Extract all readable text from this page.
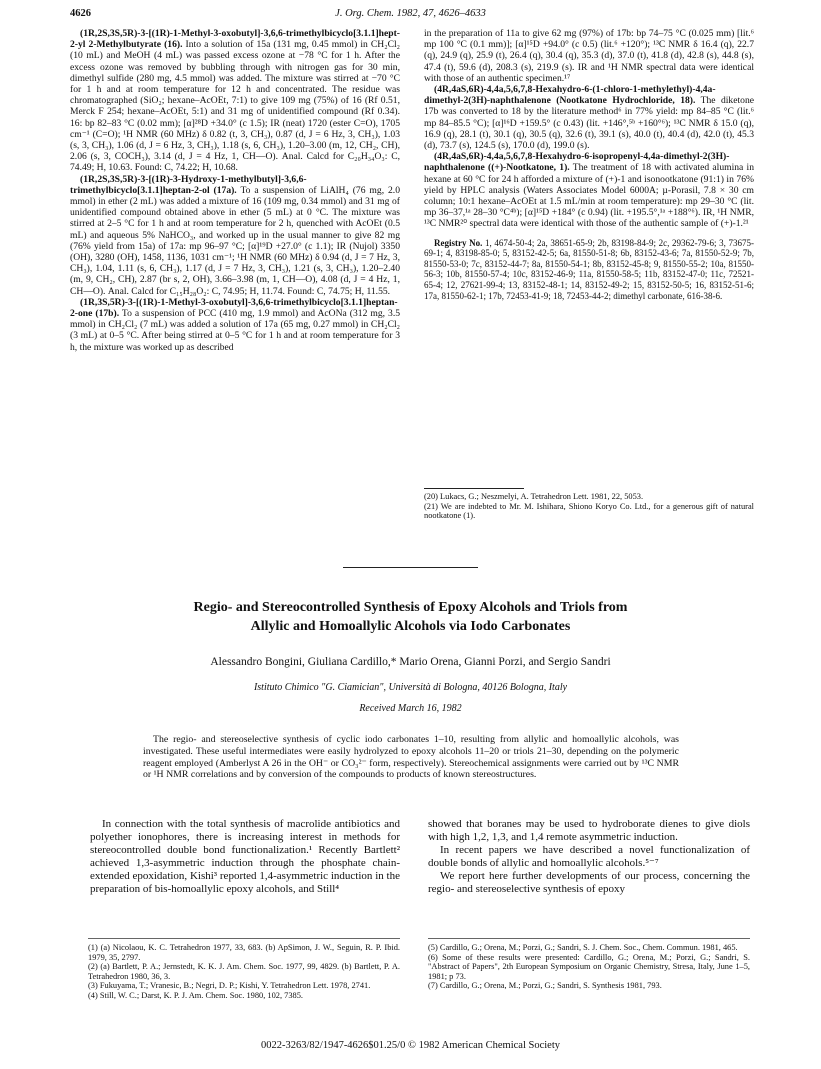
4626	J. Org. Chem. 1982, 47, 4626–4633

(1R,2S,3S,5R)-3-[(1R)-1-Methyl-3-oxobutyl]-3,6,6-trimethylbicyclo[3.1.1]hept-2-yl 2-Methylbutyrate (16). Into a solution of 15a (131 mg, 0.45 mmol) in CH₂Cl₂ (10 mL) and MeOH (4 mL) was passed excess ozone at −78 °C for 1 h. After the excess ozone was removed by bubbling through with nitrogen gas for 30 min, dimethyl sulfide (280 mg, 4.5 mmol) was added. The mixture was stirred at −70 °C for 1 h and at room temperature for 12 h and concentrated. The residue was chromatographed (SiO₂; hexane–AcOEt, 7:1) to give 109 mg (75%) of 16 (Rf 0.51, Merck F 254; hexane–AcOEt, 5:1) and 31 mg of unidentified compound (Rf 0.34). 16: bp 82–83 °C (0.02 mm); [α]²⁸D +34.0° (c 1.5); IR (neat) 1720 (ester C=O), 1705 cm⁻¹ (C=O); ¹H NMR (60 MHz) δ 0.82 (t, 3, CH₃), 0.87 (d, J = 6 Hz, 3, CH₃), 1.03 (s, 3, CH₃), 1.06 (d, J = 6 Hz, 3, CH₃), 1.18 (s, 6, CH₃), 1.20–3.00 (m, 12, CH₂, CH), 2.06 (s, 3, COCH₃), 3.14 (d, J = 4 Hz, 1, CH—O). Anal. Calcd for C₂₀H₃₄O₃: C, 74.49; H, 10.63. Found: C, 74.22; H, 10.68.

(1R,2S,3S,5R)-3-[(1R)-3-Hydroxy-1-methylbutyl]-3,6,6-trimethylbicyclo[3.1.1]heptan-2-ol (17a). To a suspension of LiAlH₄ (76 mg, 2.0 mmol) in ether (2 mL) was added a mixture of 16 (109 mg, 0.34 mmol) and 31 mg of unidentified compound obtained above in ether (5 mL) at 0 °C. The mixture was stirred at 2–5 °C for 1 h and at room temperature for 2 h, quenched with AcOEt (0.5 mL) and aqueous 5% NaHCO₃, and worked up in the usual manner to give 82 mg (76% yield from 15a) of 17a: mp 96–97 °C; [α]¹⁹D +27.0° (c 1.1); IR (Nujol) 3350 (OH), 3280 (OH), 1458, 1136, 1031 cm⁻¹; ¹H NMR (60 MHz) δ 0.94 (d, J = 7 Hz, 3, CH₃), 1.04, 1.11 (s, 6, CH₃), 1.17 (d, J = 7 Hz, 3, CH₃), 1.21 (s, 3, CH₃), 1.20–2.40 (m, 9, CH₂, CH), 2.87 (br s, 2, OH), 3.66–3.98 (m, 1, CH—O), 4.08 (d, J = 4 Hz, 1, CH—O). Anal. Calcd for C₁₅H₂₈O₂: C, 74.95; H, 11.74. Found: C, 74.75; H, 11.55.

(1R,3S,5R)-3-[(1R)-1-Methyl-3-oxobutyl]-3,6,6-trimethylbicyclo[3.1.1]heptan-2-one (17b). To a suspension of PCC (410 mg, 1.9 mmol) and AcONa (312 mg, 3.5 mmol) in CH₂Cl₂ (7 mL) was added a solution of 17a (65 mg, 0.27 mmol) in CH₂Cl₂ (3 mL) at 0–5 °C. After being stirred at 0–5 °C for 1 h and at room temperature for 3 h, the mixture was worked up as described

in the preparation of 11a to give 62 mg (97%) of 17b: bp 74–75 °C (0.025 mm) [lit.⁶ mp 100 °C (0.1 mm)]; [α]¹⁵D +94.0° (c 0.5) (lit.⁶ +120°); ¹³C NMR δ 16.4 (q), 22.7 (q), 24.9 (q), 25.9 (t), 26.4 (q), 30.4 (q), 35.3 (d), 37.0 (t), 41.8 (d), 42.8 (s), 44.8 (s), 47.4 (t), 59.6 (d), 208.3 (s), 219.9 (s). IR and ¹H NMR spectral data were identical with those of an authentic specimen.¹⁷

(4R,4aS,6R)-4,4a,5,6,7,8-Hexahydro-6-(1-chloro-1-methylethyl)-4,4a-dimethyl-2(3H)-naphthalenone (Nootkatone Hydrochloride, 18). The diketone 17b was converted to 18 by the literature method⁶ in 77% yield: mp 84–85 °C (lit.⁶ mp 84–85.5 °C); [α]¹⁶D +159.5° (c 0.43) (lit. +146°,⁵ᵇ +160°⁶); ¹³C NMR δ 15.0 (q), 16.9 (q), 28.1 (t), 30.1 (q), 30.5 (q), 32.6 (t), 39.1 (s), 40.0 (t), 40.4 (d), 42.0 (t), 45.3 (d), 73.7 (s), 124.5 (s), 170.0 (d), 199.0 (s).

(4R,4aS,6R)-4,4a,5,6,7,8-Hexahydro-6-isopropenyl-4,4a-dimethyl-2(3H)-naphthalenone ((+)-Nootkatone, 1). The treatment of 18 with activated alumina in hexane at 60 °C for 24 h afforded a mixture of (+)-1 and isonootkatone (91:1) in 76% yield by HPLC analysis (Waters Associates Model 6000A; µ-Porasil, 7.8 × 30 cm column; 10:1 hexane–AcOEt at 1.5 mL/min at room temperature): mp 29–30 °C (lit. mp 36–37,¹ᵃ 28–30 °C⁴ᵇ); [α]¹⁵D +184° (c 0.94) (lit. +195.5°,¹ᵃ +188°⁶). IR, ¹H NMR, ¹³C NMR²⁰ spectral data were identical with those of the authentic sample of (+)-1.²¹

Registry No. 1, 4674-50-4; 2a, 38651-65-9; 2b, 83198-84-9; 2c, 29362-79-6; 3, 73675-69-1; 4, 83198-85-0; 5, 83152-42-5; 6a, 81550-51-8; 6b, 83152-43-6; 7a, 81550-52-9; 7b, 81550-53-0; 7c, 83152-44-7; 8a, 81550-54-1; 8b, 83152-45-8; 9, 81550-55-2; 10a, 81550-56-3; 10b, 81550-57-4; 10c, 83152-46-9; 11a, 81550-58-5; 11b, 83152-47-0; 11c, 72521-65-4; 12, 27621-99-4; 13, 83152-48-1; 14, 83152-49-2; 15, 83152-50-5; 16, 83152-51-6; 17a, 81550-62-1; 17b, 72453-41-9; 18, 72453-44-2; dimethyl carbonate, 616-38-6.

(20) Lukacs, G.; Neszmelyi, A. Tetrahedron Lett. 1981, 22, 5053.
(21) We are indebted to Mr. M. Ishihara, Shiono Koryo Co. Ltd., for a generous gift of natural nootkatone (1).
Regio- and Stereocontrolled Synthesis of Epoxy Alcohols and Triols from
Allylic and Homoallylic Alcohols via Iodo Carbonates
Alessandro Bongini, Giuliana Cardillo,* Mario Orena, Gianni Porzi, and Sergio Sandri
Istituto Chimico "G. Ciamician", Università di Bologna, 40126 Bologna, Italy
Received March 16, 1982
The regio- and stereoselective synthesis of cyclic iodo carbonates 1–10, resulting from allylic and homoallylic alcohols, was investigated. These useful intermediates were easily hydrolyzed to epoxy alcohols 11–20 or triols 21–30, depending on the polymeric reagent employed (Amberlyst A 26 in the OH⁻ or CO₃²⁻ form, respectively). Stereochemical assignments were carried out by ¹³C NMR or ¹H NMR correlations and by conversion of the compounds to products of known stereostructures.
In connection with the total synthesis of macrolide antibiotics and polyether ionophores, there is increasing interest in methods for stereocontrolled double bond functionalization.¹ Recently Bartlett² achieved 1,3-asymmetric induction through the phosphate chain-extended epoxidation, Kishi³ reported 1,4-asymmetric induction in the preparation of bis-homoallylic epoxy alcohols, and Still⁴

showed that boranes may be used to hydroborate dienes to give diols with high 1,2, 1,3, and 1,4 remote asymmetric induction.

In recent papers we have described a novel functionalization of double bonds of allylic and homoallylic alcohols.⁵⁻⁷

We report here further developments of our process, concerning the regio- and stereoselective synthesis of epoxy

(1) (a) Nicolaou, K. C. Tetrahedron 1977, 33, 683. (b) ApSimon, J. W., Seguin, R. P. Ibid. 1979, 35, 2797.
(2) (a) Bartlett, P. A.; Jernstedt, K. K. J. Am. Chem. Soc. 1977, 99, 4829. (b) Bartlett, P. A. Tetrahedron 1980, 36, 3.
(3) Fukuyama, T.; Vranesic, B.; Negri, D. P.; Kishi, Y. Tetrahedron Lett. 1978, 2741.
(4) Still, W. C.; Darst, K. P. J. Am. Chem. Soc. 1980, 102, 7385.
(5) Cardillo, G.; Orena, M.; Porzi, G.; Sandri, S. J. Chem. Soc., Chem. Commun. 1981, 465.
(6) Some of these results were presented: Cardillo, G.; Orena, M.; Porzi, G.; Sandri, S. "Abstract of Papers", 2th European Symposium on Organic Chemistry, Stresa, Italy, June 1–5, 1981; p 73.
(7) Cardillo, G.; Orena, M.; Porzi, G.; Sandri, S. Synthesis 1981, 793.
0022-3263/82/1947-4626$01.25/0 © 1982 American Chemical Society
